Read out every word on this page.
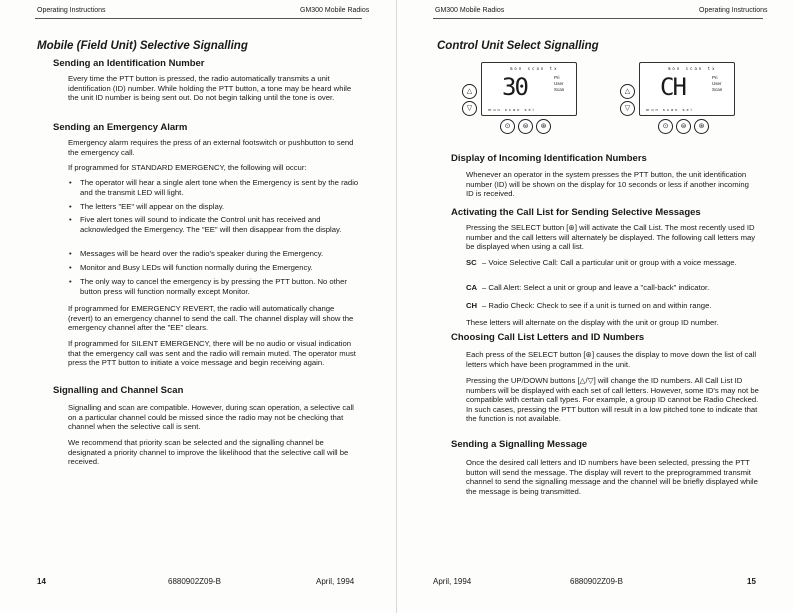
Operating Instructions	GM300 Mobile Radios
Mobile (Field Unit) Selective Signalling
Sending an Identification Number
Every time the PTT button is pressed, the radio automatically transmits a unit identification (ID) number. While holding the PTT button, a tone may be heard while the unit ID number is being sent out. Do not begin talking until the tone is over.
Sending an Emergency Alarm
Emergency alarm requires the press of an external footswitch or pushbutton to send the emergency call.
If programmed for STANDARD EMERGENCY, the following will occur:
• The operator will hear a single alert tone when the Emergency is sent by the radio and the transmit LED will light.
• The letters "EE" will appear on the display.
• Five alert tones will sound to indicate the Control unit has received and acknowledged the Emergency. The "EE" will then disappear from the display.
• Messages will be heard over the radio's speaker during the Emergency.
• Monitor and Busy LEDs will function normally during the Emergency.
• The only way to cancel the emergency is by pressing the PTT button. No other button press will function normally except Monitor.
If programmed for EMERGENCY REVERT, the radio will automatically change (revert) to an emergency channel to send the call. The channel display will show the emergency channel after the "EE" clears.
If programmed for SILENT EMERGENCY, there will be no audio or visual indication that the emergency call was sent and the radio will remain muted. The operator must press the PTT button to initiate a voice message and begin receiving again.
Signalling and Channel Scan
Signalling and scan are compatible. However, during scan operation, a selective call on a particular channel could be missed since the radio may not be checking that channel when the selective call is sent.
We recommend that priority scan be selected and the signalling channel be designated a priority channel to improve the likelihood that the selective call will be received.
14	6880902Z09-B	April, 1994
GM300 Mobile Radios	Operating Instructions
Control Unit Select Signalling
mon scan tx
30	Pri
User
Scan
mon scan sel
△
▽
⊙	⊜	⊛
mon scan tx
CH	Pri
User
Scan
mon scan sel
△
▽
⊙	⊜	⊛
Display of Incoming Identification Numbers
Whenever an operator in the system presses the PTT button, the unit identification number (ID) will be shown on the display for 10 seconds or less if another incoming ID is received.
Activating the Call List for Sending Selective Messages
Pressing the SELECT button [⊛] will activate the Call List. The most recently used ID number and the call letters will alternately be displayed. The following call letters may be displayed when using a call list.
SC – Voice Selective Call: Call a particular unit or group with a voice message.
CA – Call Alert: Select a unit or group and leave a "call-back" indicator.
CH – Radio Check: Check to see if a unit is turned on and within range.
These letters will alternate on the display with the unit or group ID number.
Choosing Call List Letters and ID Numbers
Each press of the SELECT button [⊛] causes the display to move down the list of call letters which have been programmed in the unit.
Pressing the UP/DOWN buttons [△/▽] will change the ID numbers. All Call List ID numbers will be displayed with each set of call letters. However, some ID's may not be compatible with certain call types. For example, a group ID cannot be Radio Checked. In such cases, pressing the PTT button will result in a low pitched tone to indicate that the function is not available.
Sending a Signalling Message
Once the desired call letters and ID numbers have been selected, pressing the PTT button will send the message. The display will revert to the preprogrammed transmit channel to send the signalling message and the channel will be briefly displayed while the message is being transmitted.
April, 1994	6880902Z09-B	15
